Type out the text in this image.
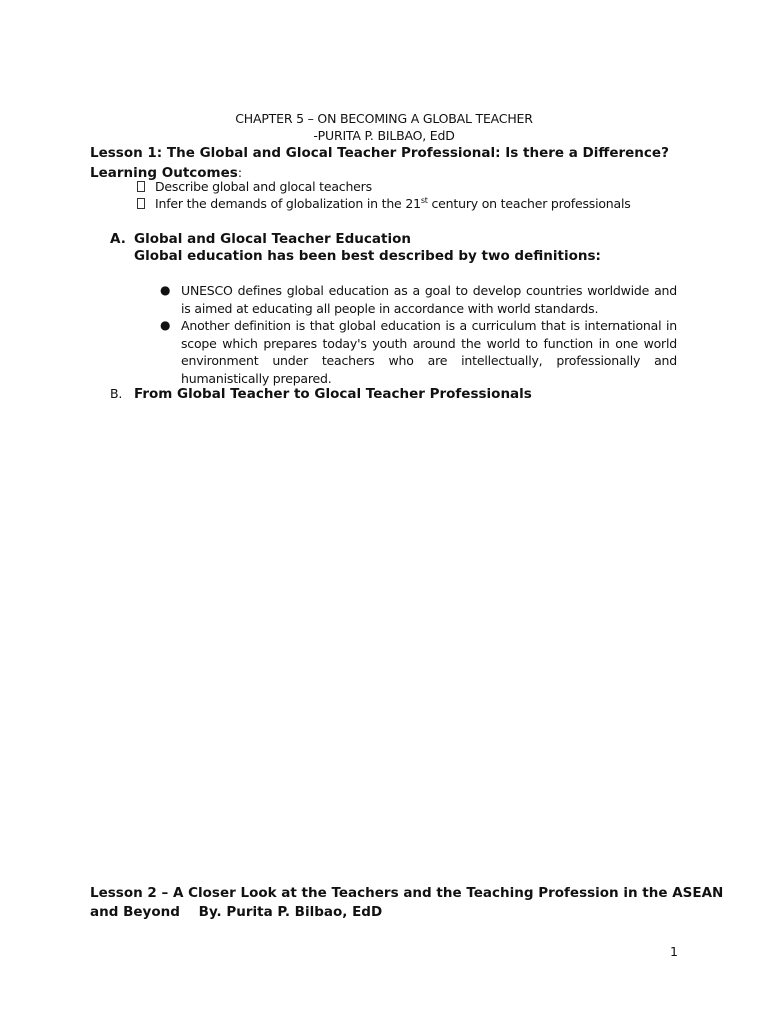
CHAPTER 5 – ON BECOMING A GLOBAL TEACHER
-PURITA P. BILBAO, EdD
Lesson 1: The Global and Glocal Teacher Professional: Is there a Difference?
Learning Outcomes:
Describe global and glocal teachers
Infer the demands of globalization in the 21st century on teacher professionals
A. Global and Glocal Teacher Education
Global education has been best described by two definitions:
● UNESCO defines global education as a goal to develop countries worldwide and is aimed at educating all people in accordance with world standards.
● Another definition is that global education is a curriculum that is international in scope which prepares today's youth around the world to function in one world environment under teachers who are intellectually, professionally and humanistically prepared.
B. From Global Teacher to Glocal Teacher Professionals
Lesson 2 – A Closer Look at the Teachers and the Teaching Profession in the ASEAN
and Beyond    By. Purita P. Bilbao, EdD
1
